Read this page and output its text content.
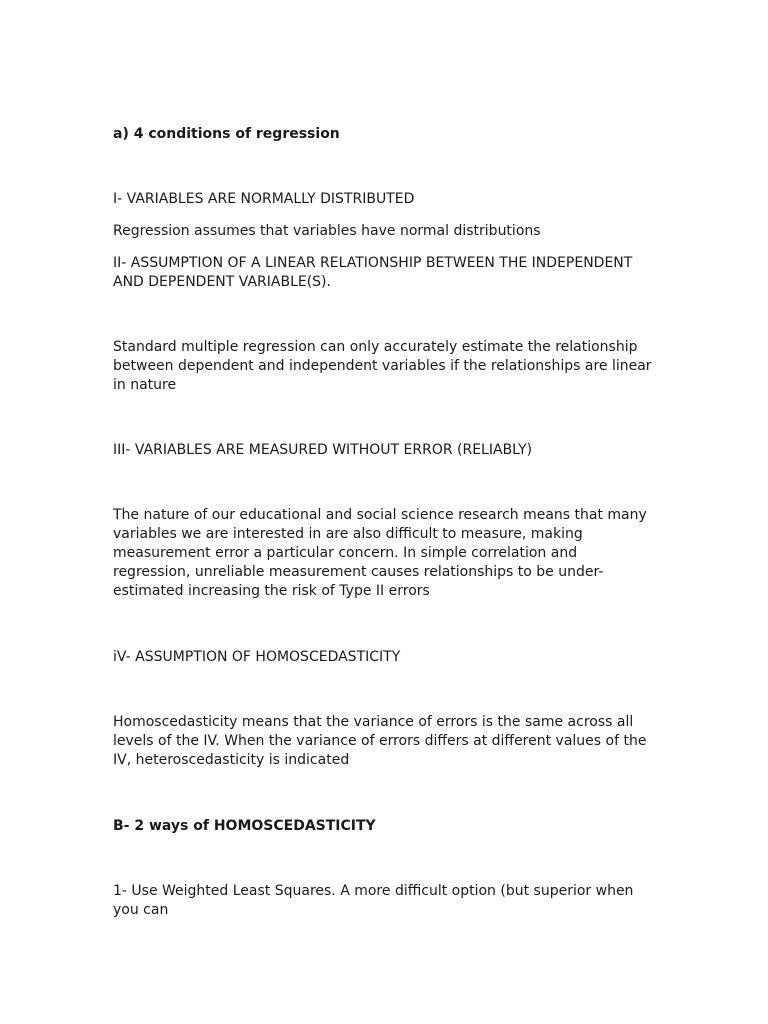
a) 4 conditions of regression

I- VARIABLES ARE NORMALLY DISTRIBUTED

Regression assumes that variables have normal distributions

II- ASSUMPTION OF A LINEAR RELATIONSHIP BETWEEN THE INDEPENDENT AND DEPENDENT VARIABLE(S).

Standard multiple regression can only accurately estimate the relationship between dependent and independent variables if the relationships are linear in nature

III- VARIABLES ARE MEASURED WITHOUT ERROR (RELIABLY)

The nature of our educational and social science research means that many variables we are interested in are also difficult to measure, making measurement error a particular concern. In simple correlation and regression, unreliable measurement causes relationships to be under-estimated increasing the risk of Type II errors

iV- ASSUMPTION OF HOMOSCEDASTICITY

Homoscedasticity means that the variance of errors is the same across all levels of the IV. When the variance of errors differs at different values of the IV, heteroscedasticity is indicated

B- 2 ways of HOMOSCEDASTICITY

1- Use Weighted Least Squares. A more difficult option (but superior when you can
